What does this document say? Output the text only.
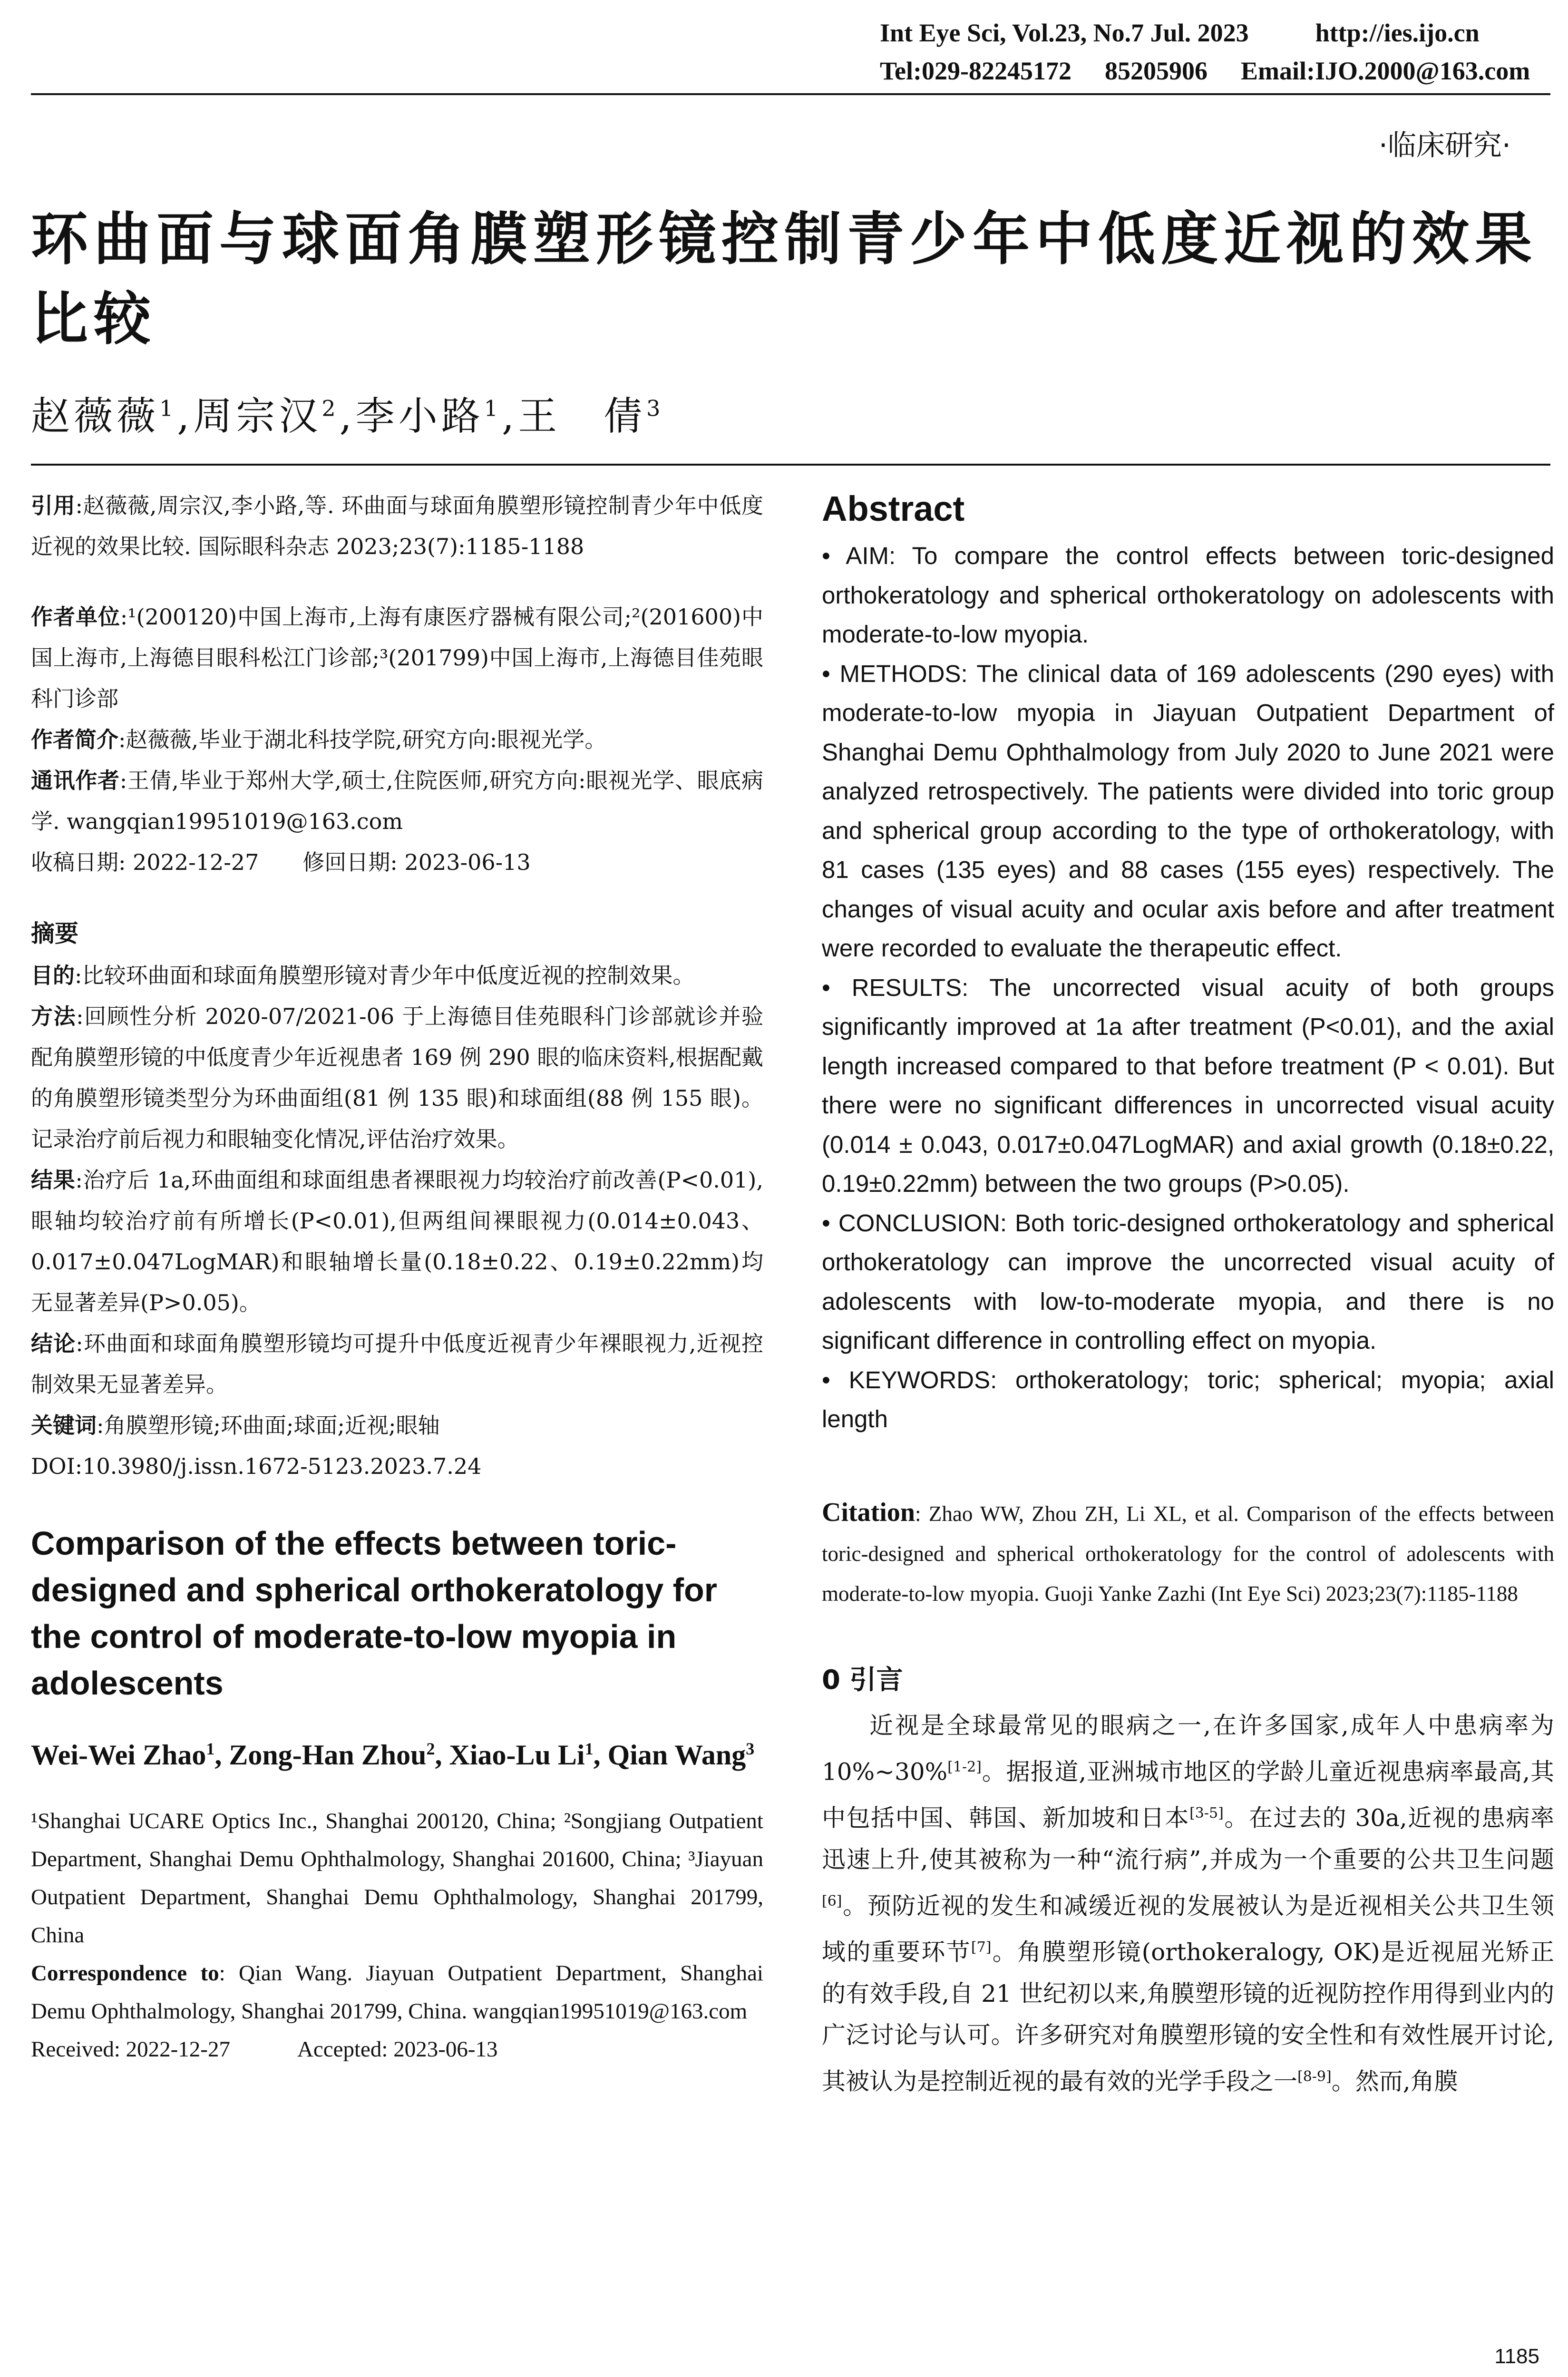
Int Eye Sci, Vol.23, No.7 Jul. 2023	http://ies.ijo.cn
Tel:029-82245172 85205906 Email:IJO.2000@163.com
·临床研究·
环曲面与球面角膜塑形镜控制青少年中低度近视的效果比较
赵薇薇$^1$,周宗汉$^2$,李小路$^1$,王　倩$^3$

引用:赵薇薇,周宗汉,李小路,等. 环曲面与球面角膜塑形镜控制青少年中低度近视的效果比较. 国际眼科杂志 2023;23(7):1185-1188

作者单位:¹(200120)中国上海市,上海有康医疗器械有限公司;²(201600)中国上海市,上海德目眼科松江门诊部;³(201799)中国上海市,上海德目佳苑眼科门诊部

作者简介:赵薇薇,毕业于湖北科技学院,研究方向:眼视光学。

通讯作者:王倩,毕业于郑州大学,硕士,住院医师,研究方向:眼视光学、眼底病学. wangqian19951019@163.com

收稿日期: 2022-12-27　　修回日期: 2023-06-13

摘要

目的:比较环曲面和球面角膜塑形镜对青少年中低度近视的控制效果。

方法:回顾性分析 2020-07/2021-06 于上海德目佳苑眼科门诊部就诊并验配角膜塑形镜的中低度青少年近视患者 169 例 290 眼的临床资料,根据配戴的角膜塑形镜类型分为环曲面组(81 例 135 眼)和球面组(88 例 155 眼)。记录治疗前后视力和眼轴变化情况,评估治疗效果。

结果:治疗后 1a,环曲面组和球面组患者裸眼视力均较治疗前改善(P<0.01),眼轴均较治疗前有所增长(P<0.01),但两组间裸眼视力(0.014±0.043、0.017±0.047LogMAR)和眼轴增长量(0.18±0.22、0.19±0.22mm)均无显著差异(P>0.05)。

结论:环曲面和球面角膜塑形镜均可提升中低度近视青少年裸眼视力,近视控制效果无显著差异。

关键词:角膜塑形镜;环曲面;球面;近视;眼轴

DOI:10.3980/j.issn.1672-5123.2023.7.24

Comparison of the effects between toric-designed and spherical orthokeratology for the control of moderate-to-low myopia in adolescents

Wei-Wei Zhao$^1$, Zong-Han Zhou$^2$, Xiao-Lu Li$^1$, Qian Wang$^3$

¹Shanghai UCARE Optics Inc., Shanghai 200120, China; ²Songjiang Outpatient Department, Shanghai Demu Ophthalmology, Shanghai 201600, China; ³Jiayuan Outpatient Department, Shanghai Demu Ophthalmology, Shanghai 201799, China

Correspondence to: Qian Wang. Jiayuan Outpatient Department, Shanghai Demu Ophthalmology, Shanghai 201799, China. wangqian19951019@163.com

Received: 2022-12-27　　　Accepted: 2023-06-13

Abstract

• AIM: To compare the control effects between toric-designed orthokeratology and spherical orthokeratology on adolescents with moderate-to-low myopia.

• METHODS: The clinical data of 169 adolescents (290 eyes) with moderate-to-low myopia in Jiayuan Outpatient Department of Shanghai Demu Ophthalmology from July 2020 to June 2021 were analyzed retrospectively. The patients were divided into toric group and spherical group according to the type of orthokeratology, with 81 cases (135 eyes) and 88 cases (155 eyes) respectively. The changes of visual acuity and ocular axis before and after treatment were recorded to evaluate the therapeutic effect.

• RESULTS: The uncorrected visual acuity of both groups significantly improved at 1a after treatment (P<0.01), and the axial length increased compared to that before treatment (P < 0.01). But there were no significant differences in uncorrected visual acuity (0.014 ± 0.043, 0.017±0.047LogMAR) and axial growth (0.18±0.22, 0.19±0.22mm) between the two groups (P>0.05).

• CONCLUSION: Both toric-designed orthokeratology and spherical orthokeratology can improve the uncorrected visual acuity of adolescents with low-to-moderate myopia, and there is no significant difference in controlling effect on myopia.

• KEYWORDS: orthokeratology; toric; spherical; myopia; axial length

Citation: Zhao WW, Zhou ZH, Li XL, et al. Comparison of the effects between toric-designed and spherical orthokeratology for the control of adolescents with moderate-to-low myopia. Guoji Yanke Zazhi (Int Eye Sci) 2023;23(7):1185-1188

0 引言

近视是全球最常见的眼病之一,在许多国家,成年人中患病率为 10%~30%[1-2]。据报道,亚洲城市地区的学龄儿童近视患病率最高,其中包括中国、韩国、新加坡和日本[3-5]。在过去的 30a,近视的患病率迅速上升,使其被称为一种“流行病”,并成为一个重要的公共卫生问题[6]。预防近视的发生和减缓近视的发展被认为是近视相关公共卫生领域的重要环节[7]。角膜塑形镜(orthokeralogy, OK)是近视屈光矫正的有效手段,自 21 世纪初以来,角膜塑形镜的近视防控作用得到业内的广泛讨论与认可。许多研究对角膜塑形镜的安全性和有效性展开讨论,其被认为是控制近视的最有效的光学手段之一[8-9]。然而,角膜

1185
